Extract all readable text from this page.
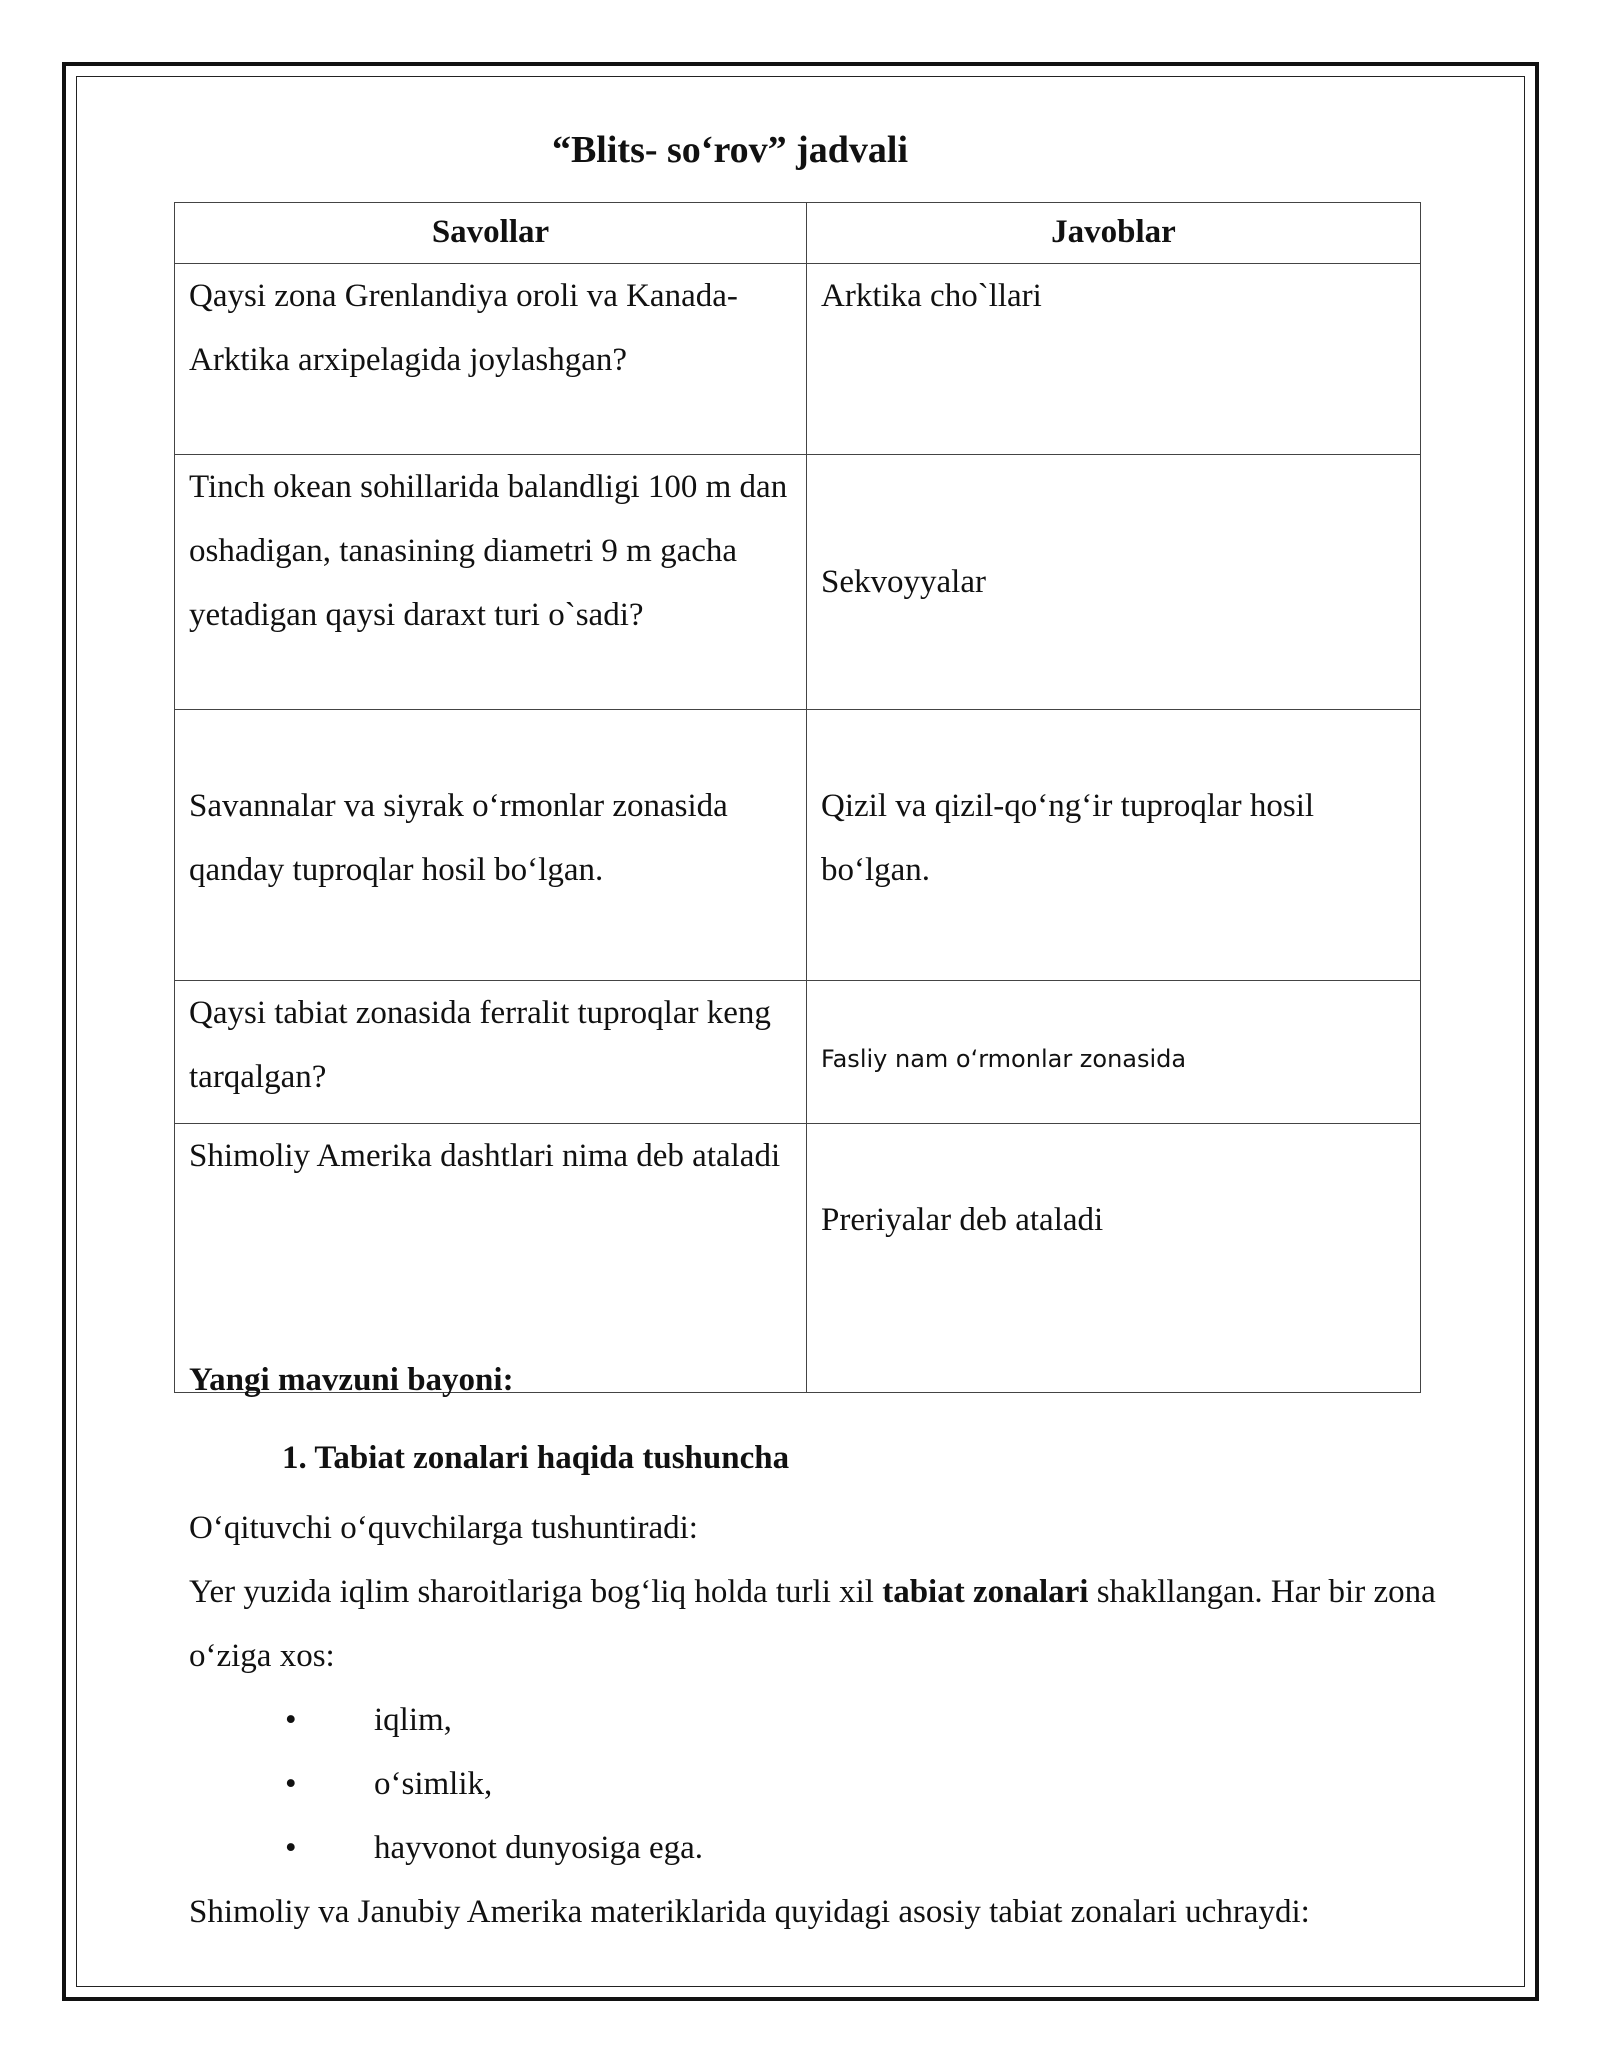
“Blits- so‘rov” jadvali
Savollar	Javoblar
Qaysi zona Grenlandiya oroli va Kanada-Arktika arxipelagida joylashgan?	Arktika cho`llari
Tinch okean sohillarida balandligi 100 m dan oshadigan, tanasining diametri 9 m gacha yetadigan qaysi daraxt turi o`sadi?	Sekvoyyalar
Savannalar va siyrak o‘rmonlar zonasida qanday tuproqlar hosil bo‘lgan.	Qizil va qizil-qo‘ng‘ir tuproqlar hosil bo‘lgan.
Qaysi tabiat zonasida ferralit tuproqlar keng tarqalgan?	Fasliy nam o‘rmonlar zonasida
Shimoliy Amerika dashtlari nima deb ataladi	Preriyalar deb ataladi
Yangi mavzuni bayoni:
1. Tabiat zonalari haqida tushuncha
O‘qituvchi o‘quvchilarga tushuntiradi:
Yer yuzida iqlim sharoitlariga bog‘liq holda turli xil tabiat zonalari shakllangan. Har bir zona o‘ziga xos:
• iqlim,
• o‘simlik,
• hayvonot dunyosiga ega.
Shimoliy va Janubiy Amerika materiklarida quyidagi asosiy tabiat zonalari uchraydi:
